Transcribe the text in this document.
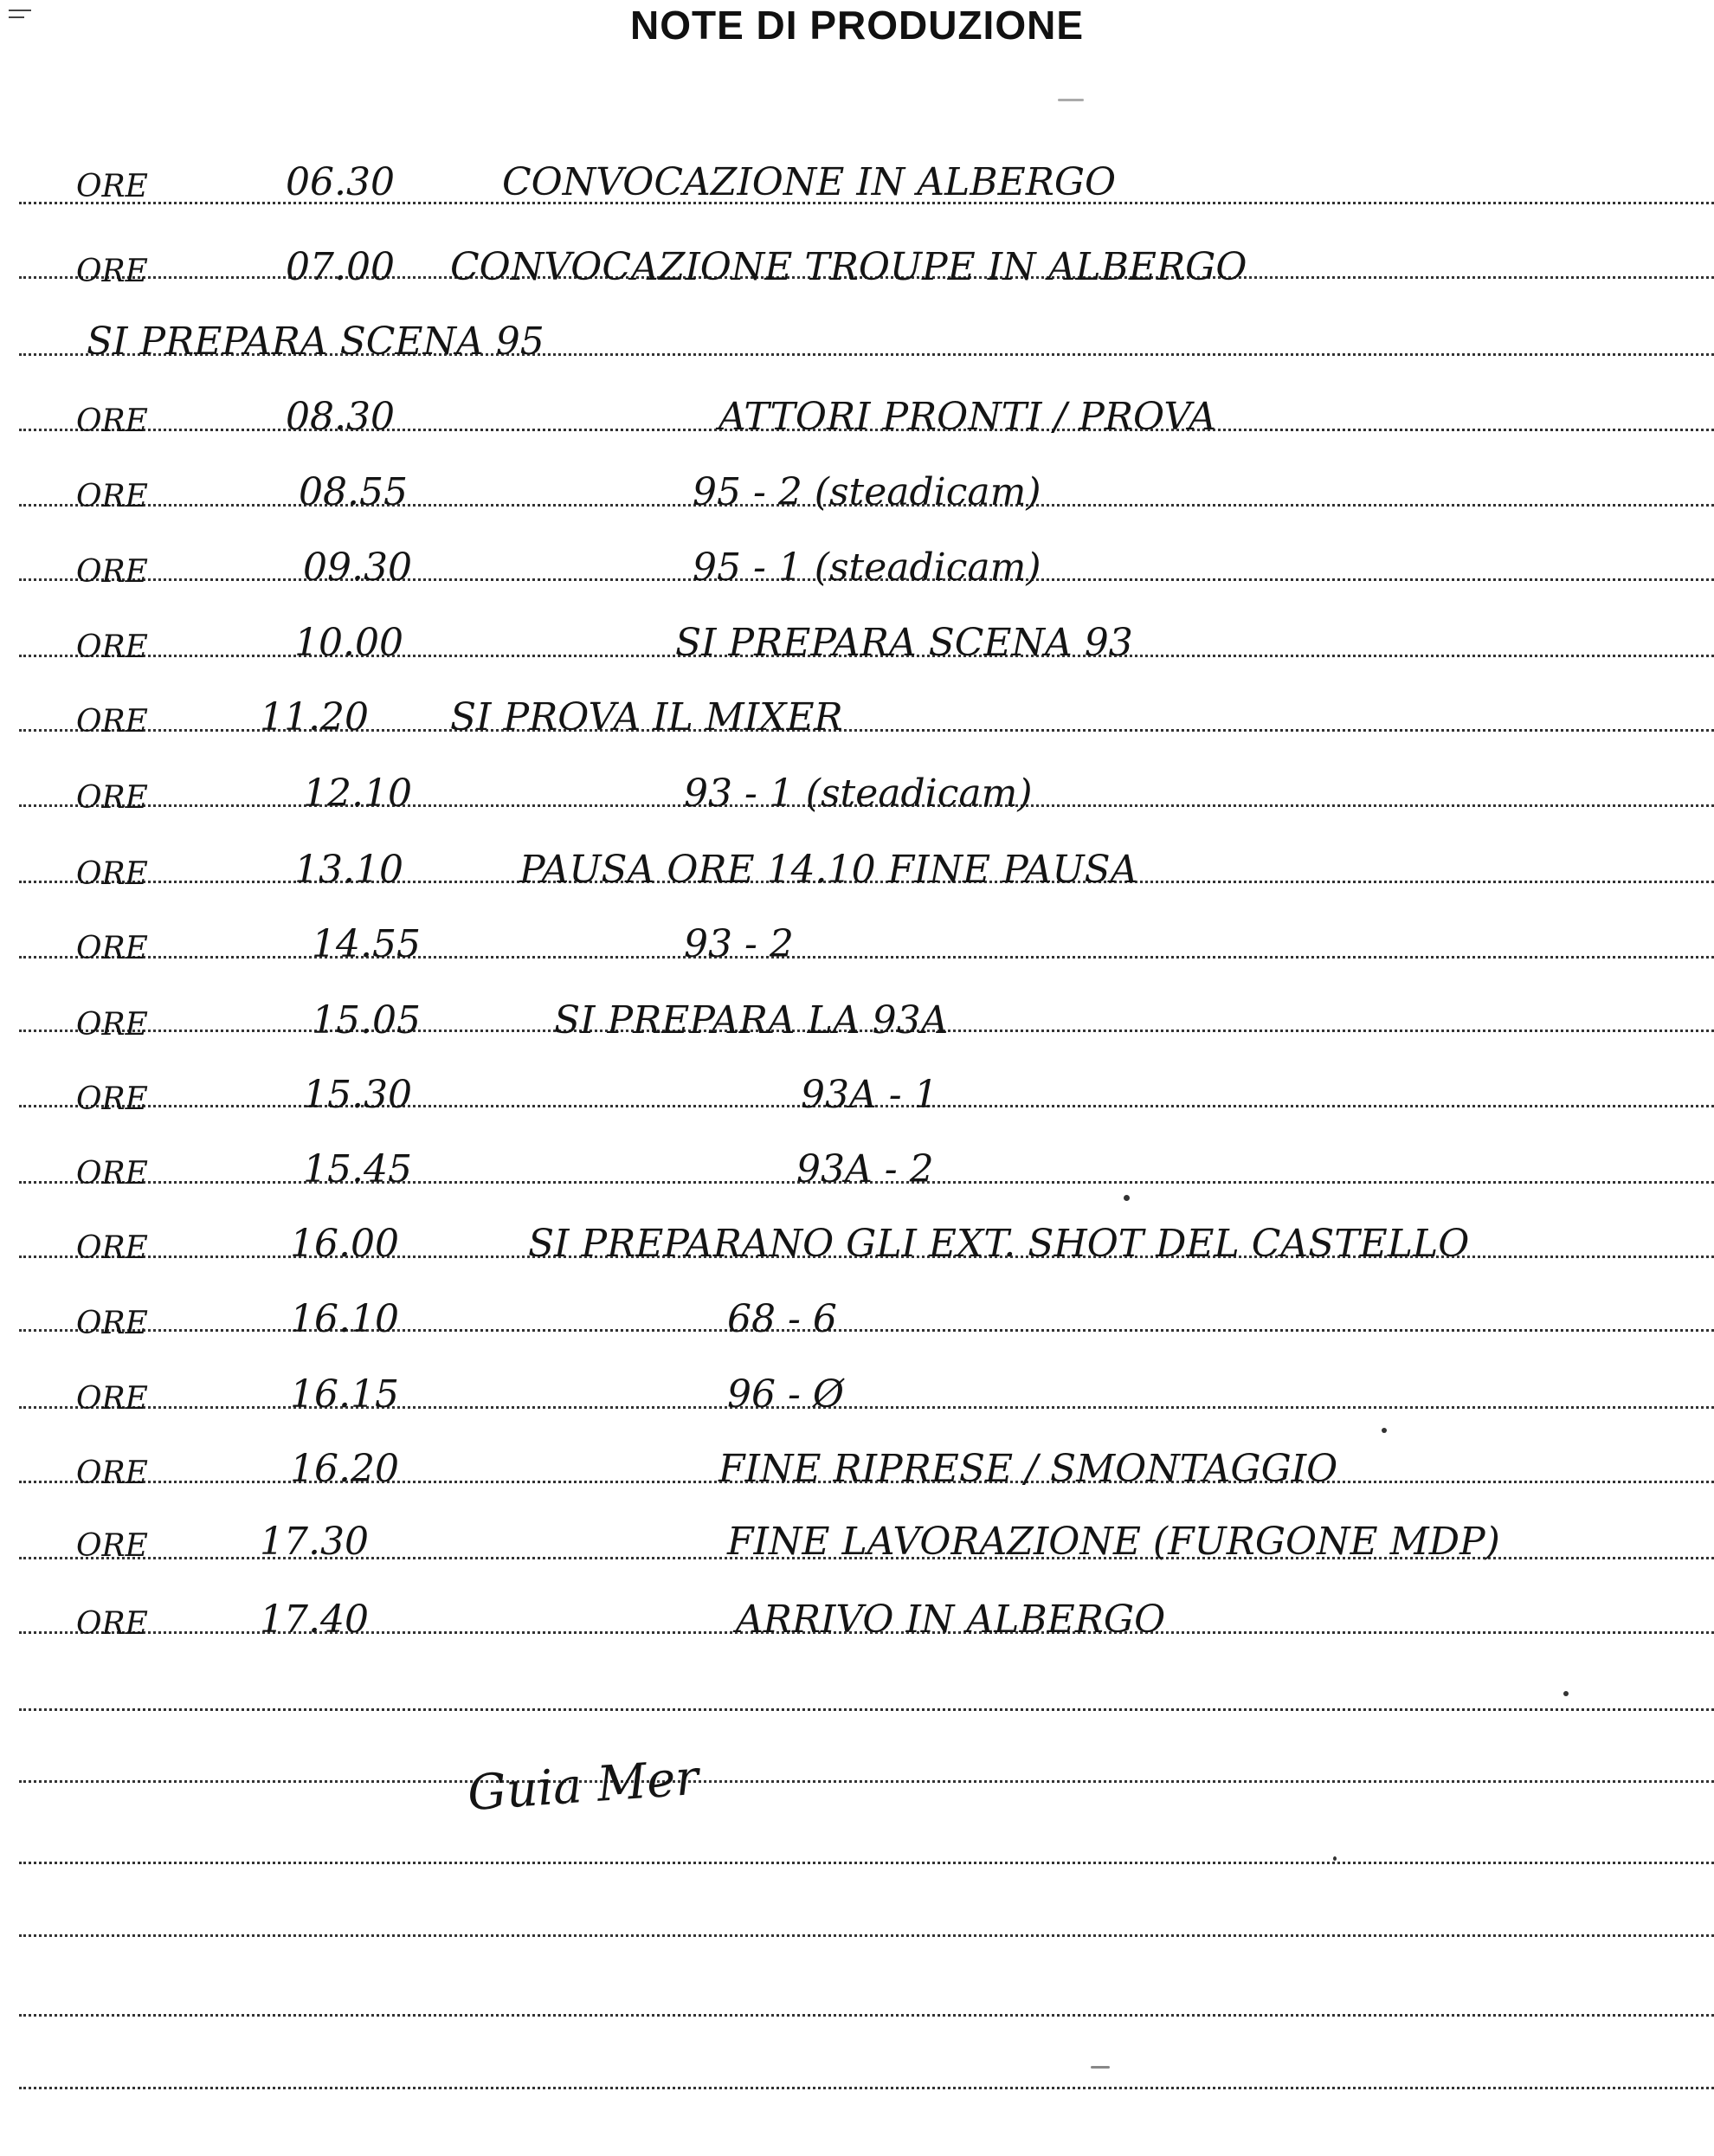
NOTE DI PRODUZIONE
ORE	06.30	CONVOCAZIONE IN ALBERGO
ORE	07.00 CONVOCAZIONE TROUPE IN ALBERGO
SI PREPARA SCENA 95
ORE	08.30	ATTORI PRONTI / PROVA
ORE	08.55	95 - 2 (steadicam)
ORE	09.30	95 - 1 (steadicam)
ORE	10.00	SI PREPARA SCENA 93
ORE	11.20 SI PROVA IL MIXER
ORE	12.10	93 - 1 (steadicam)
ORE	13.10	PAUSA ORE 14.10 FINE PAUSA
ORE	14.55	93 - 2
ORE	15.05	SI PREPARA LA 93A
ORE	15.30	93A - 1
ORE	15.45	93A - 2
ORE	16.00	SI PREPARANO GLI EXT. SHOT DEL CASTELLO
ORE	16.10	68 - 6
ORE	16.15	96 - Ø
ORE	16.20	FINE RIPRESE / SMONTAGGIO
ORE	17.30	FINE LAVORAZIONE (FURGONE MDP)
ORE	17.40	ARRIVO IN ALBERGO
Guia Mer
